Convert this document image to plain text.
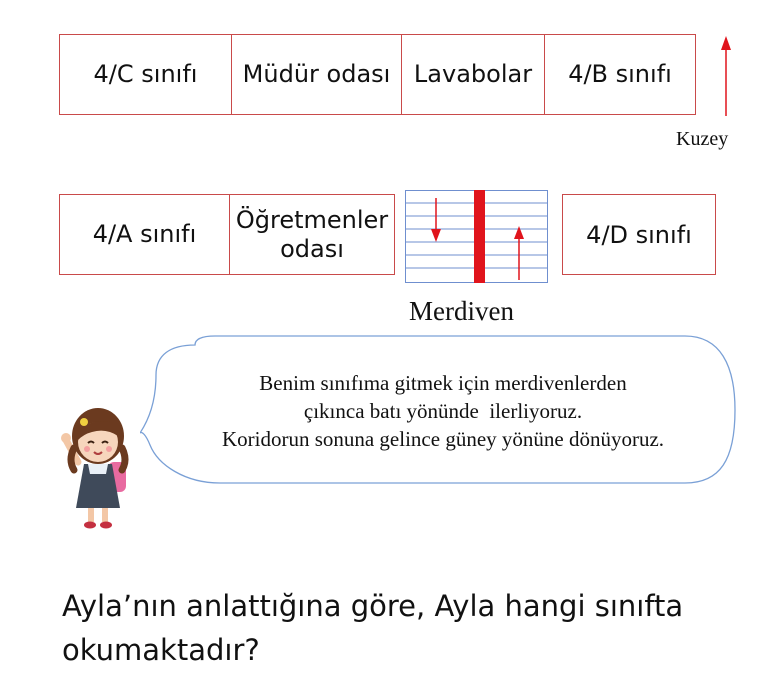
4/C sınıfı Müdür odası Lavabolar 4/B sınıfı
Kuzey
4/A sınıfı
Öğretmenler odası
Merdiven
4/D sınıfı
Benim sınıfıma gitmek için merdivenlerden
çıkınca batı yönünde  ilerliyoruz.
Koridorun sonuna gelince güney yönüne dönüyoruz.
Ayla’nın anlattığına göre, Ayla hangi sınıfta
okumaktadır?
